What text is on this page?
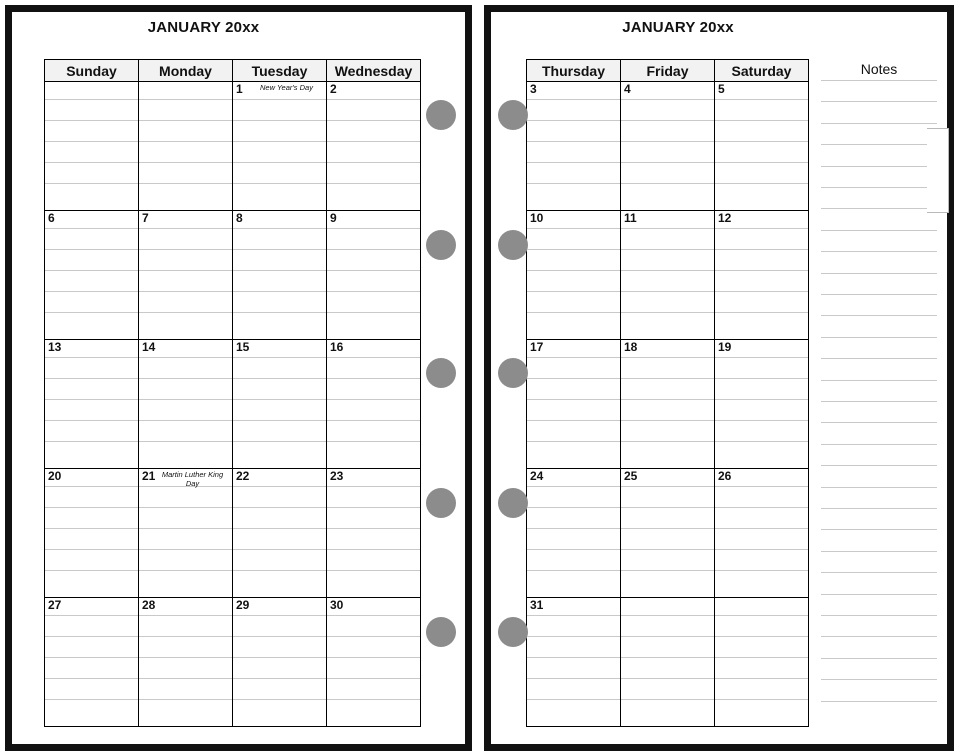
JANUARY 20xx
Sunday	Monday	Tuesday	Wednesday

		1 New Year's Day	2

6	7	8	9

13	14	15	16

20	21 Martin Luther King Day	22	23

27	28	29	30
JANUARY 20xx
Thursday	Friday	Saturday

3	4	5

10	11	12

17	18	19

24	25	26

31		

Notes
